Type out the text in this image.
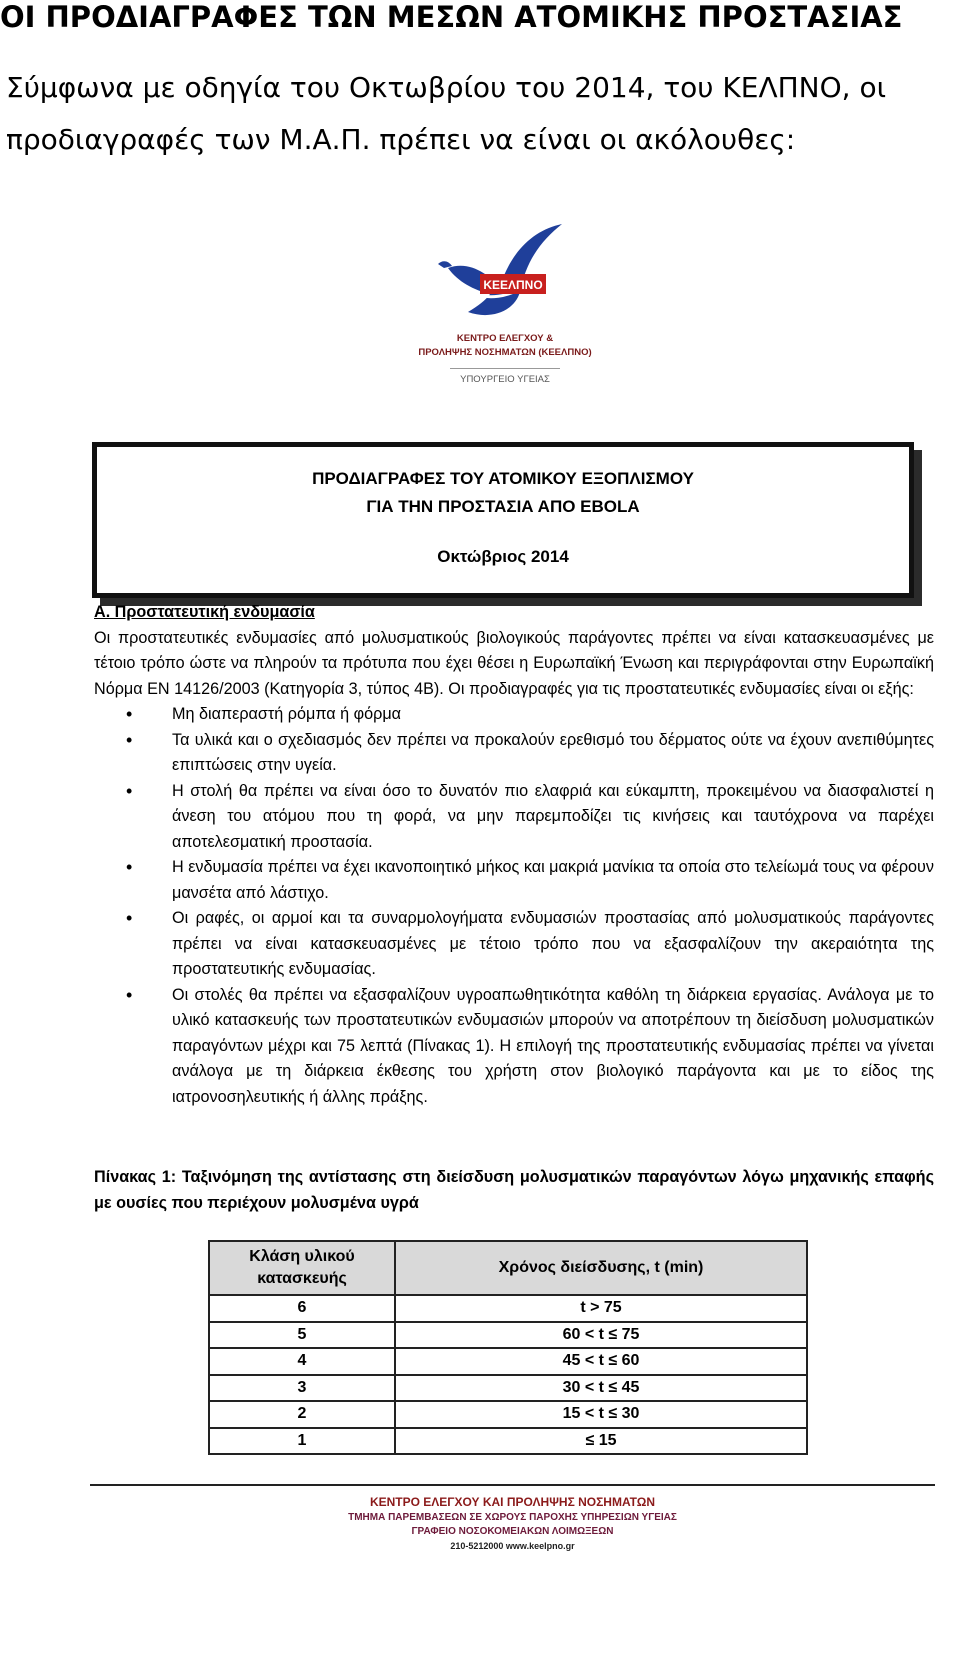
ΟΙ ΠΡΟΔΙΑΓΡΑΦΕΣ ΤΩΝ ΜΕΣΩΝ ΑΤΟΜΙΚΗΣ ΠΡΟΣΤΑΣΙΑΣ
Σύμφωνα με οδηγία του Οκτωβρίου του 2014, του ΚΕΛΠΝΟ, οι
προδιαγραφές των Μ.Α.Π. πρέπει να είναι οι ακόλουθες:
ΚΕΕΛΠΝΟ
ΚΕΝΤΡΟ ΕΛΕΓΧΟΥ &
ΠΡΟΛΗΨΗΣ ΝΟΣΗΜΑΤΩΝ (ΚΕΕΛΠΝΟ)
ΥΠΟΥΡΓΕΙΟ ΥΓΕΙΑΣ
ΠΡΟΔΙΑΓΡΑΦΕΣ ΤΟΥ ΑΤΟΜΙΚΟΥ ΕΞΟΠΛΙΣΜΟΥ
ΓΙΑ ΤΗΝ ΠΡΟΣΤΑΣΙΑ ΑΠΟ EBOLA
Οκτώβριος 2014
Α. Προστατευτική ενδυμασία

Οι προστατευτικές ενδυμασίες από μολυσματικούς βιολογικούς παράγοντες πρέπει να είναι κατασκευασμένες με τέτοιο τρόπο ώστε να πληρούν τα πρότυπα που έχει θέσει η Ευρωπαϊκή Ένωση και περιγράφονται στην Ευρωπαϊκή Νόρμα ΕΝ 14126/2003 (Κατηγορία 3, τύπος 4Β). Οι προδιαγραφές για τις προστατευτικές ενδυμασίες είναι οι εξής:

• Μη διαπεραστή ρόμπα ή φόρμα
• Τα υλικά και ο σχεδιασμός δεν πρέπει να προκαλούν ερεθισμό του δέρματος ούτε να έχουν ανεπιθύμητες επιπτώσεις στην υγεία.
• Η στολή θα πρέπει να είναι όσο το δυνατόν πιο ελαφριά και εύκαμπτη, προκειμένου να διασφαλιστεί η άνεση του ατόμου που τη φορά, να μην παρεμποδίζει τις κινήσεις και ταυτόχρονα να παρέχει αποτελεσματική προστασία.
• Η ενδυμασία πρέπει να έχει ικανοποιητικό μήκος και μακριά μανίκια τα οποία στο τελείωμά τους να φέρουν μανσέτα από λάστιχο.
• Οι ραφές, οι αρμοί και τα συναρμολογήματα ενδυμασιών προστασίας από μολυσματικούς παράγοντες πρέπει να είναι κατασκευασμένες με τέτοιο τρόπο που να εξασφαλίζουν την ακεραιότητα της προστατευτικής ενδυμασίας.
• Οι στολές θα πρέπει να εξασφαλίζουν υγροαπωθητικότητα καθόλη τη διάρκεια εργασίας. Ανάλογα με το υλικό κατασκευής των προστατευτικών ενδυμασιών μπορούν να αποτρέπουν τη διείσδυση μολυσματικών παραγόντων μέχρι και 75 λεπτά (Πίνακας 1). Η επιλογή της προστατευτικής ενδυμασίας πρέπει να γίνεται ανάλογα με τη διάρκεια έκθεσης του χρήστη στον βιολογικό παράγοντα και με το είδος της ιατρονοσηλευτικής ή άλλης πράξης.
Πίνακας 1: Ταξινόμηση της αντίστασης στη διείσδυση μολυσματικών παραγόντων λόγω μηχανικής επαφής με ουσίες που περιέχουν μολυσμένα υγρά
Κλάση υλικού κατασκευής	Χρόνος διείσδυσης, t (min)
6	t > 75
5	60 < t ≤ 75
4	45 < t ≤ 60
3	30 < t ≤ 45
2	15 < t ≤ 30
1	≤ 15
ΚΕΝΤΡΟ ΕΛΕΓΧΟΥ ΚΑΙ ΠΡΟΛΗΨΗΣ ΝΟΣΗΜΑΤΩΝ
ΤΜΗΜΑ ΠΑΡΕΜΒΑΣΕΩΝ ΣΕ ΧΩΡΟΥΣ ΠΑΡΟΧΗΣ ΥΠΗΡΕΣΙΩΝ ΥΓΕΙΑΣ
ΓΡΑΦΕΙΟ ΝΟΣΟΚΟΜΕΙΑΚΩΝ ΛΟΙΜΩΞΕΩΝ
210-5212000 www.keelpno.gr
